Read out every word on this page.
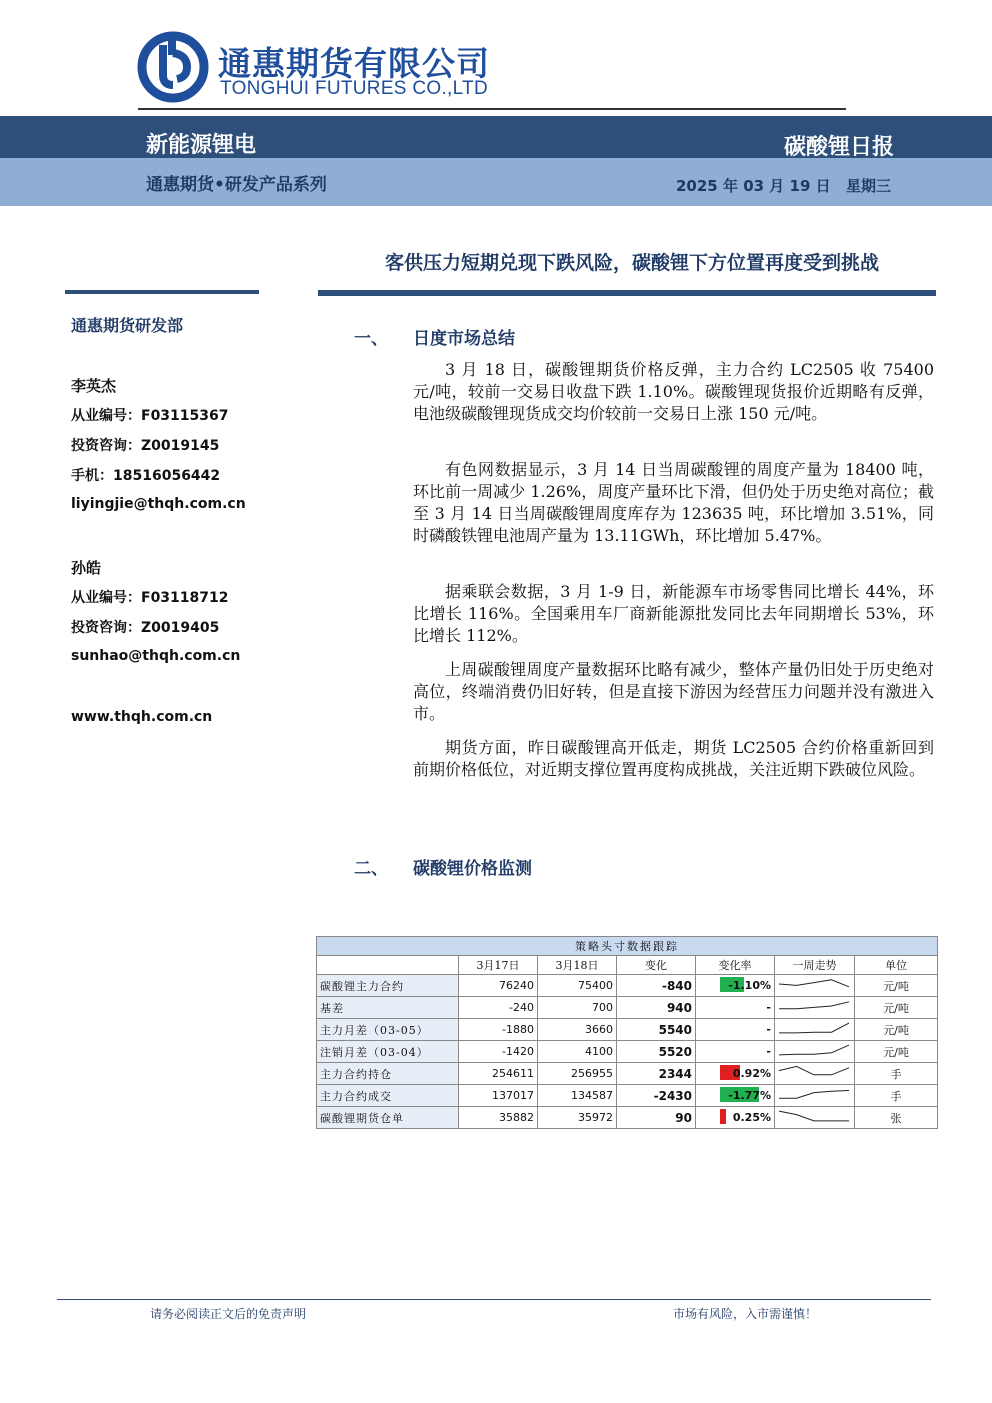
通惠期货有限公司
TONGHUI FUTURES CO.,LTD
新能源锂电	碳酸锂日报
通惠期货•研发产品系列	2025 年 03 月 19 日 星期三
客供压力短期兑现下跌风险，碳酸锂下方位置再度受到挑战
通惠期货研发部
李英杰
从业编号：F03115367
投资咨询：Z0019145
手机：18516056442
liyingjie@thqh.com.cn
孙皓
从业编号：F03118712
投资咨询：Z0019405
sunhao@thqh.com.cn
www.thqh.com.cn
一、 日度市场总结

3 月 18 日，碳酸锂期货价格反弹，主力合约 LC2505 收 75400 元/吨，较前一交易日收盘下跌 1.10%。碳酸锂现货报价近期略有反弹，电池级碳酸锂现货成交均价较前一交易日上涨 150 元/吨。

有色网数据显示，3 月 14 日当周碳酸锂的周度产量为 18400 吨，环比前一周减少 1.26%，周度产量环比下滑，但仍处于历史绝对高位；截至 3 月 14 日当周碳酸锂周度库存为 123635 吨，环比增加 3.51%，同时磷酸铁锂电池周产量为 13.11GWh，环比增加 5.47%。

据乘联会数据，3 月 1-9 日，新能源车市场零售同比增长 44%，环比增长 116%。全国乘用车厂商新能源批发同比去年同期增长 53%，环比增长 112%。

上周碳酸锂周度产量数据环比略有减少，整体产量仍旧处于历史绝对高位，终端消费仍旧好转，但是直接下游因为经营压力问题并没有激进入市。

期货方面，昨日碳酸锂高开低走，期货 LC2505 合约价格重新回到前期价格低位，对近期支撑位置再度构成挑战，关注近期下跌破位风险。

二、 碳酸锂价格监测
策略头寸数据跟踪						
	3月17日	3月18日	变化	变化率	一周走势	单位
碳酸锂主力合约	76240	75400	-840	-1.10%		元/吨
基差	-240	700	940	-		元/吨
主力月差（03-05）	-1880	3660	5540	-		元/吨
注销月差（03-04）	-1420	4100	5520	-		元/吨
主力合约持仓	254611	256955	2344	0.92%		手
主力合约成交	137017	134587	-2430	-1.77%		手
碳酸锂期货仓单	35882	35972	90	0.25%		张
请务必阅读正文后的免责声明	市场有风险，入市需谨慎！
